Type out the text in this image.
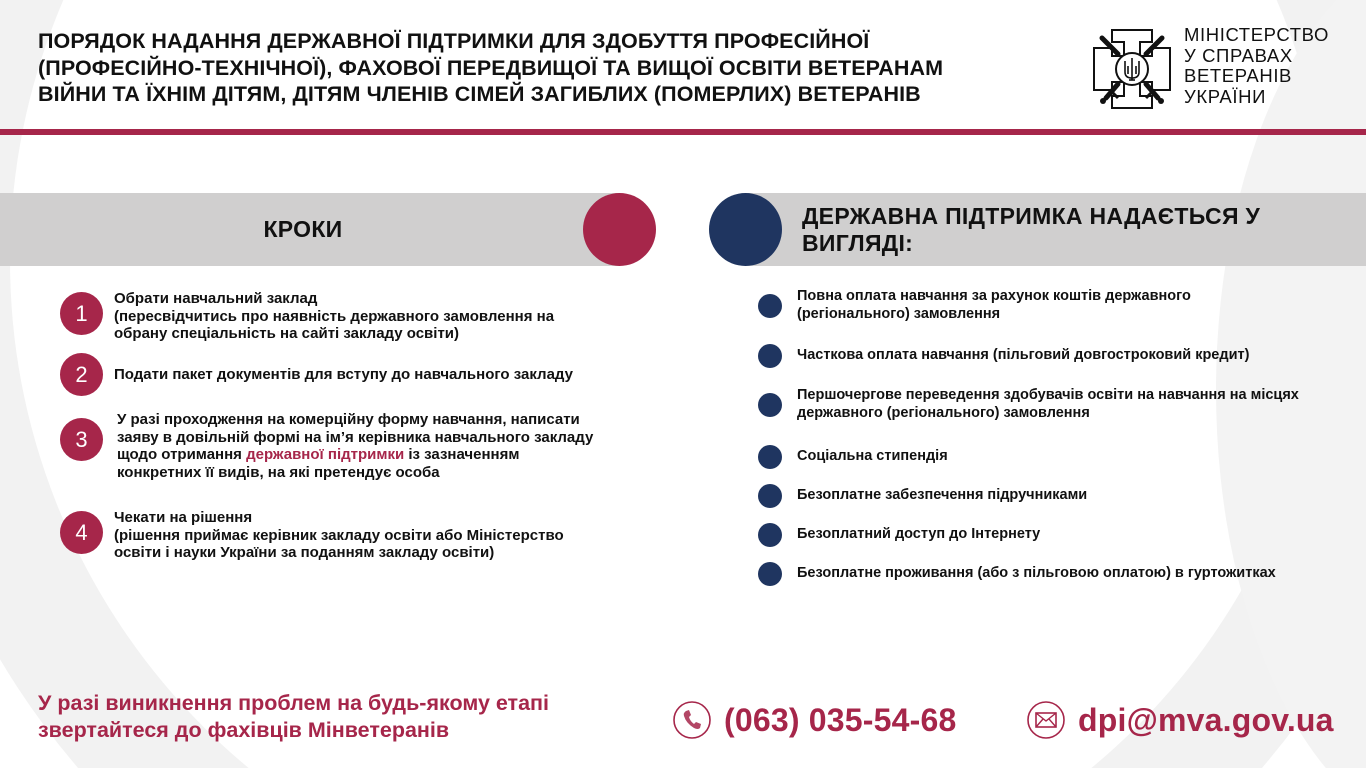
ПОРЯДОК НАДАННЯ ДЕРЖАВНОЇ ПІДТРИМКИ ДЛЯ ЗДОБУТТЯ ПРОФЕСІЙНОЇ
(ПРОФЕСІЙНО-ТЕХНІЧНОЇ), ФАХОВОЇ ПЕРЕДВИЩОЇ ТА ВИЩОЇ ОСВІТИ ВЕТЕРАНАМ
ВІЙНИ ТА ЇХНІМ ДІТЯМ, ДІТЯМ ЧЛЕНІВ СІМЕЙ ЗАГИБЛИХ (ПОМЕРЛИХ) ВЕТЕРАНІВ
МІНІСТЕРСТВО
У СПРАВАХ
ВЕТЕРАНІВ
УКРАЇНИ
КРОКИ
ДЕРЖАВНА ПІДТРИМКА НАДАЄТЬСЯ У ВИГЛЯДІ:
1
Обрати навчальний заклад
(пересвідчитись про наявність державного замовлення на
обрану спеціальність на сайті закладу освіти)
2	Подати пакет документів для вступу до навчального закладу
3
У разі проходження на комерційну форму навчання, написати
заяву в довільній формі на ім’я керівника навчального закладу
щодо отримання державної підтримки із зазначенням
конкретних її видів, на які претендує особа
4
Чекати на рішення
(рішення приймає керівник закладу освіти або Міністерство
освіти і науки України за поданням закладу освіти)
Повна оплата навчання за рахунок коштів державного
(регіонального) замовлення
Часткова оплата навчання (пільговий довгостроковий кредит)
Першочергове переведення здобувачів освіти на навчання на місцях
державного (регіонального) замовлення
Соціальна стипендія
Безоплатне забезпечення підручниками
Безоплатний доступ до Інтернету
Безоплатне проживання (або з пільговою оплатою) в гуртожитках
У разі виникнення проблем на будь-якому етапі
звертайтеся до фахівців Мінветеранів	(063) 035-54-68	dpi@mva.gov.ua
